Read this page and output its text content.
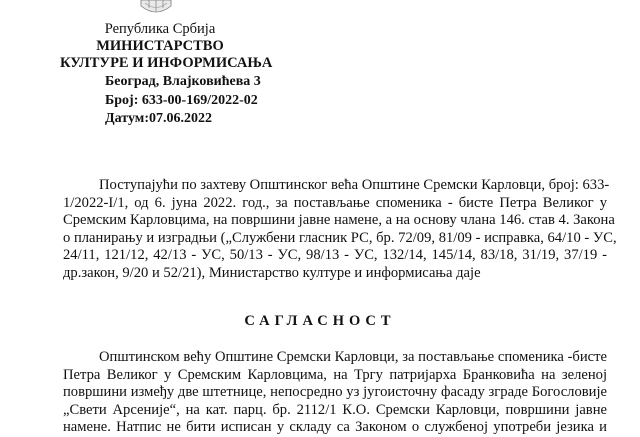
Република Србија
МИНИСТАРСТВО
КУЛТУРЕ И ИНФОРМИСАЊА
Београд, Влајковићева 3
Број: 633-00-169/2022-02
Датум:07.06.2022
Поступајући по захтеву Општинског већа Општине Сремски Карловци, број: 633-
1/2022-I/1, од 6. јуна 2022. год., за постављање споменика - бисте Петра Великог у
Сремским Карловцима, на површини јавне намене, а на основу члана 146. став 4. Закона
о планирању и изградњи („Службени гласник РС, бр. 72/09, 81/09 - исправка, 64/10 - УС,
24/11, 121/12, 42/13 - УС, 50/13 - УС, 98/13 - УС, 132/14, 145/14, 83/18, 31/19, 37/19 -
др.закон, 9/20 и 52/21), Министарство културе и информисања даје
САГЛАСНОСТ
Општинском већу Општине Сремски Карловци, за постављање споменика -бисте
Петра Великог у Сремским Карловцима, на Тргу патријарха Бранковића на зеленој
површини између две штетнице, непосредно уз југоисточну фасаду зграде Богословије
„Свети Арсеније“, на кат. парц. бр. 2112/1 К.О. Сремски Карловци, површини јавне
намене. Натпис не бити исписан у складу са Законом о службеној употреби језика и
